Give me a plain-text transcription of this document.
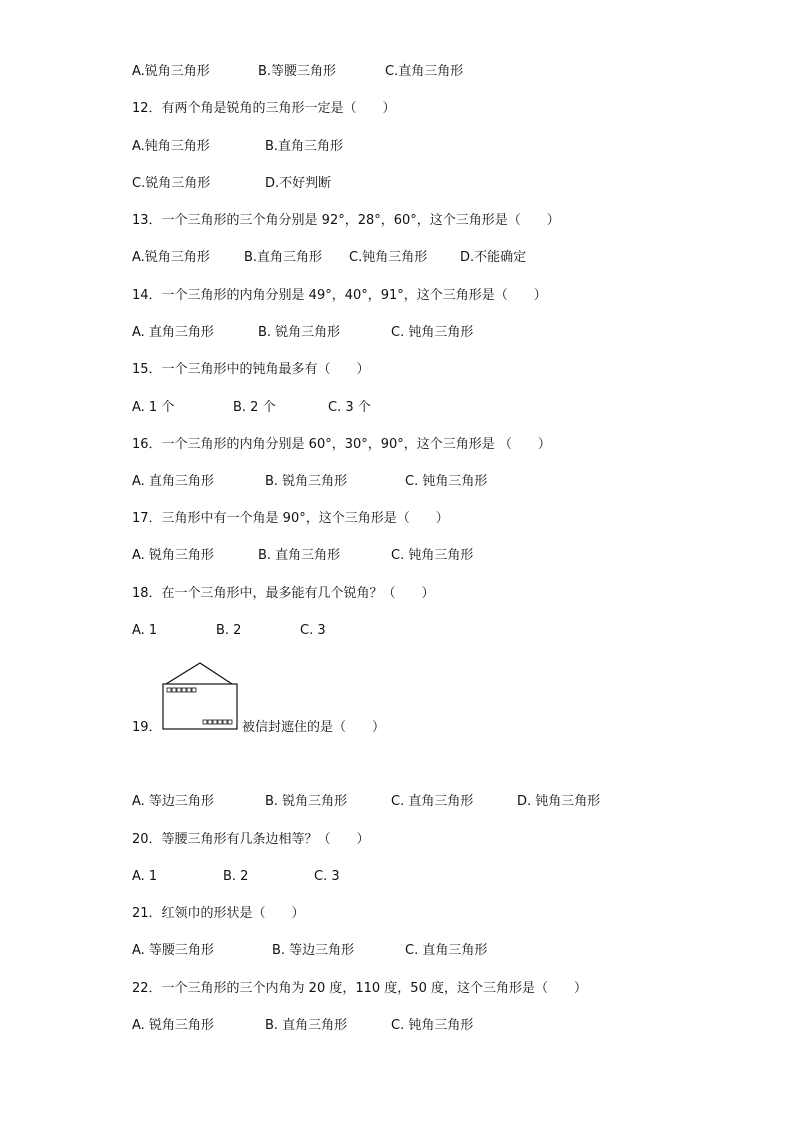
A.锐角三角形	B.等腰三角形	C.直角三角形
12．有两个角是锐角的三角形一定是（　　）
A.钝角三角形	B.直角三角形
C.锐角三角形	D.不好判断
13．一个三角形的三个角分别是 92°，28°，60°，这个三角形是（　　）
A.锐角三角形	B.直角三角形 C.钝角三角形	D.不能确定
14．一个三角形的内角分别是 49°，40°，91°，这个三角形是（　　）
A. 直角三角形	B. 锐角三角形	C. 钝角三角形
15．一个三角形中的钝角最多有（　　）
A. 1 个	B. 2 个	C. 3 个
16．一个三角形的内角分别是 60°，30°，90°，这个三角形是 （　　）
A. 直角三角形	B. 锐角三角形	C. 钝角三角形
17．三角形中有一个角是 90°，这个三角形是（　　）
A. 锐角三角形	B. 直角三角形	C. 钝角三角形
18．在一个三角形中，最多能有几个锐角？（　　）
A. 1	B. 2	C. 3
19．	被信封遮住的是（　　）
A. 等边三角形	B. 锐角三角形	C. 直角三角形	D. 钝角三角形
20．等腰三角形有几条边相等？（　　）
A. 1	B. 2	C. 3
21．红领巾的形状是（　　）
A. 等腰三角形	B. 等边三角形	C. 直角三角形
22．一个三角形的三个内角为 20 度，110 度，50 度，这个三角形是（　　）
A. 锐角三角形	B. 直角三角形	C. 钝角三角形
